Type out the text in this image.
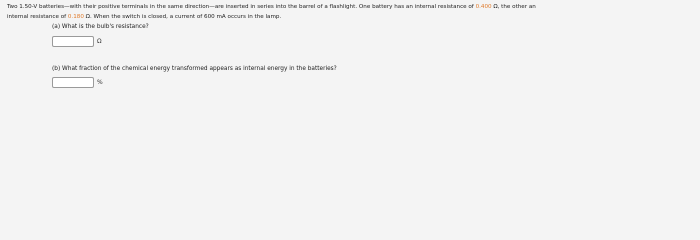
Two 1.50-V batteries—with their positive terminals in the same direction—are inserted in series into the barrel of a flashlight. One battery has an internal resistance of 0.400 Ω, the other an
internal resistance of 0.180 Ω. When the switch is closed, a current of 600 mA occurs in the lamp.
(a) What is the bulb's resistance?
Ω
(b) What fraction of the chemical energy transformed appears as internal energy in the batteries?
%
